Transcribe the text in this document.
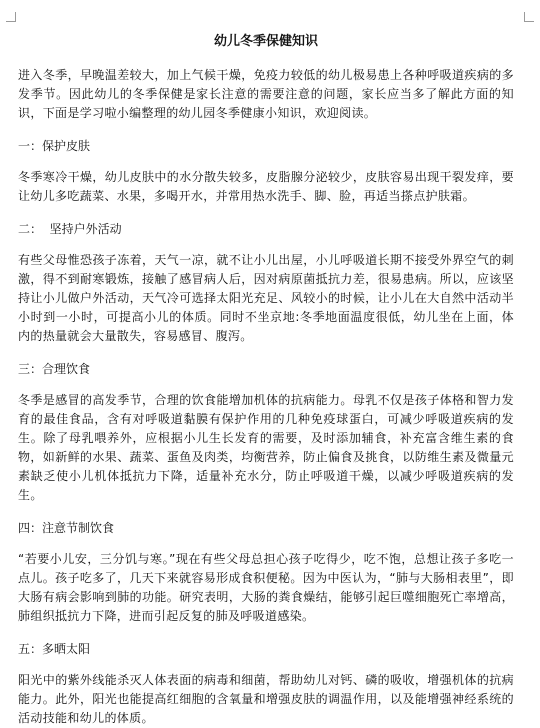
幼儿冬季保健知识

进入冬季，早晚温差较大，加上气候干燥，免疫力较低的幼儿极易患上各种呼吸道疾病的多发季节。因此幼儿的冬季保健是家长注意的需要注意的问题，家长应当多了解此方面的知识，下面是学习啦小编整理的幼儿园冬季健康小知识，欢迎阅读。

一：保护皮肤

冬季寒冷干燥，幼儿皮肤中的水分散失较多，皮脂腺分泌较少，皮肤容易出现干裂发痒，要让幼儿多吃蔬菜、水果，多喝开水，并常用热水洗手、脚、脸，再适当搽点护肤霜。

二：  坚持户外活动

有些父母惟恐孩子冻着，天气一凉，就不让小儿出屋，小儿呼吸道长期不接受外界空气的刺激，得不到耐寒锻炼，接触了感冒病人后，因对病原菌抵抗力差，很易患病。所以，应该坚持让小儿做户外活动，天气冷可选择太阳光充足、风较小的时候，让小儿在大自然中活动半小时到一小时，可提高小儿的体质。同时不坐京地:冬季地面温度很低，幼儿坐在上面，体内的热量就会大量散失，容易感冒、腹泻。

三：合理饮食

冬季是感冒的高发季节，合理的饮食能增加机体的抗病能力。母乳不仅是孩子体格和智力发育的最佳食品，含有对呼吸道黏膜有保护作用的几种免疫球蛋白，可减少呼吸道疾病的发生。除了母乳喂养外，应根据小儿生长发育的需要，及时添加辅食，补充富含维生素的食物，如新鲜的水果、蔬菜、蛋鱼及肉类，均衡营养，防止偏食及挑食，以防维生素及微量元素缺乏使小儿机体抵抗力下降，适量补充水分，防止呼吸道干燥，以减少呼吸道疾病的发生。

四：注意节制饮食

“若要小儿安，三分饥与寒。”现在有些父母总担心孩子吃得少，吃不饱，总想让孩子多吃一点儿。孩子吃多了，几天下来就容易形成食积便秘。因为中医认为，“肺与大肠相表里”，即大肠有病会影响到肺的功能。研究表明，大肠的粪食燥结，能够引起巨噬细胞死亡率增高，肺组织抵抗力下降，进而引起反复的肺及呼吸道感染。

五：多晒太阳

阳光中的紫外线能杀灭人体表面的病毒和细菌，帮助幼儿对钙、磷的吸收，增强机体的抗病能力。此外，阳光也能提高红细胞的含氧量和增强皮肤的调温作用，以及能增强神经系统的活动技能和幼儿的体质。
